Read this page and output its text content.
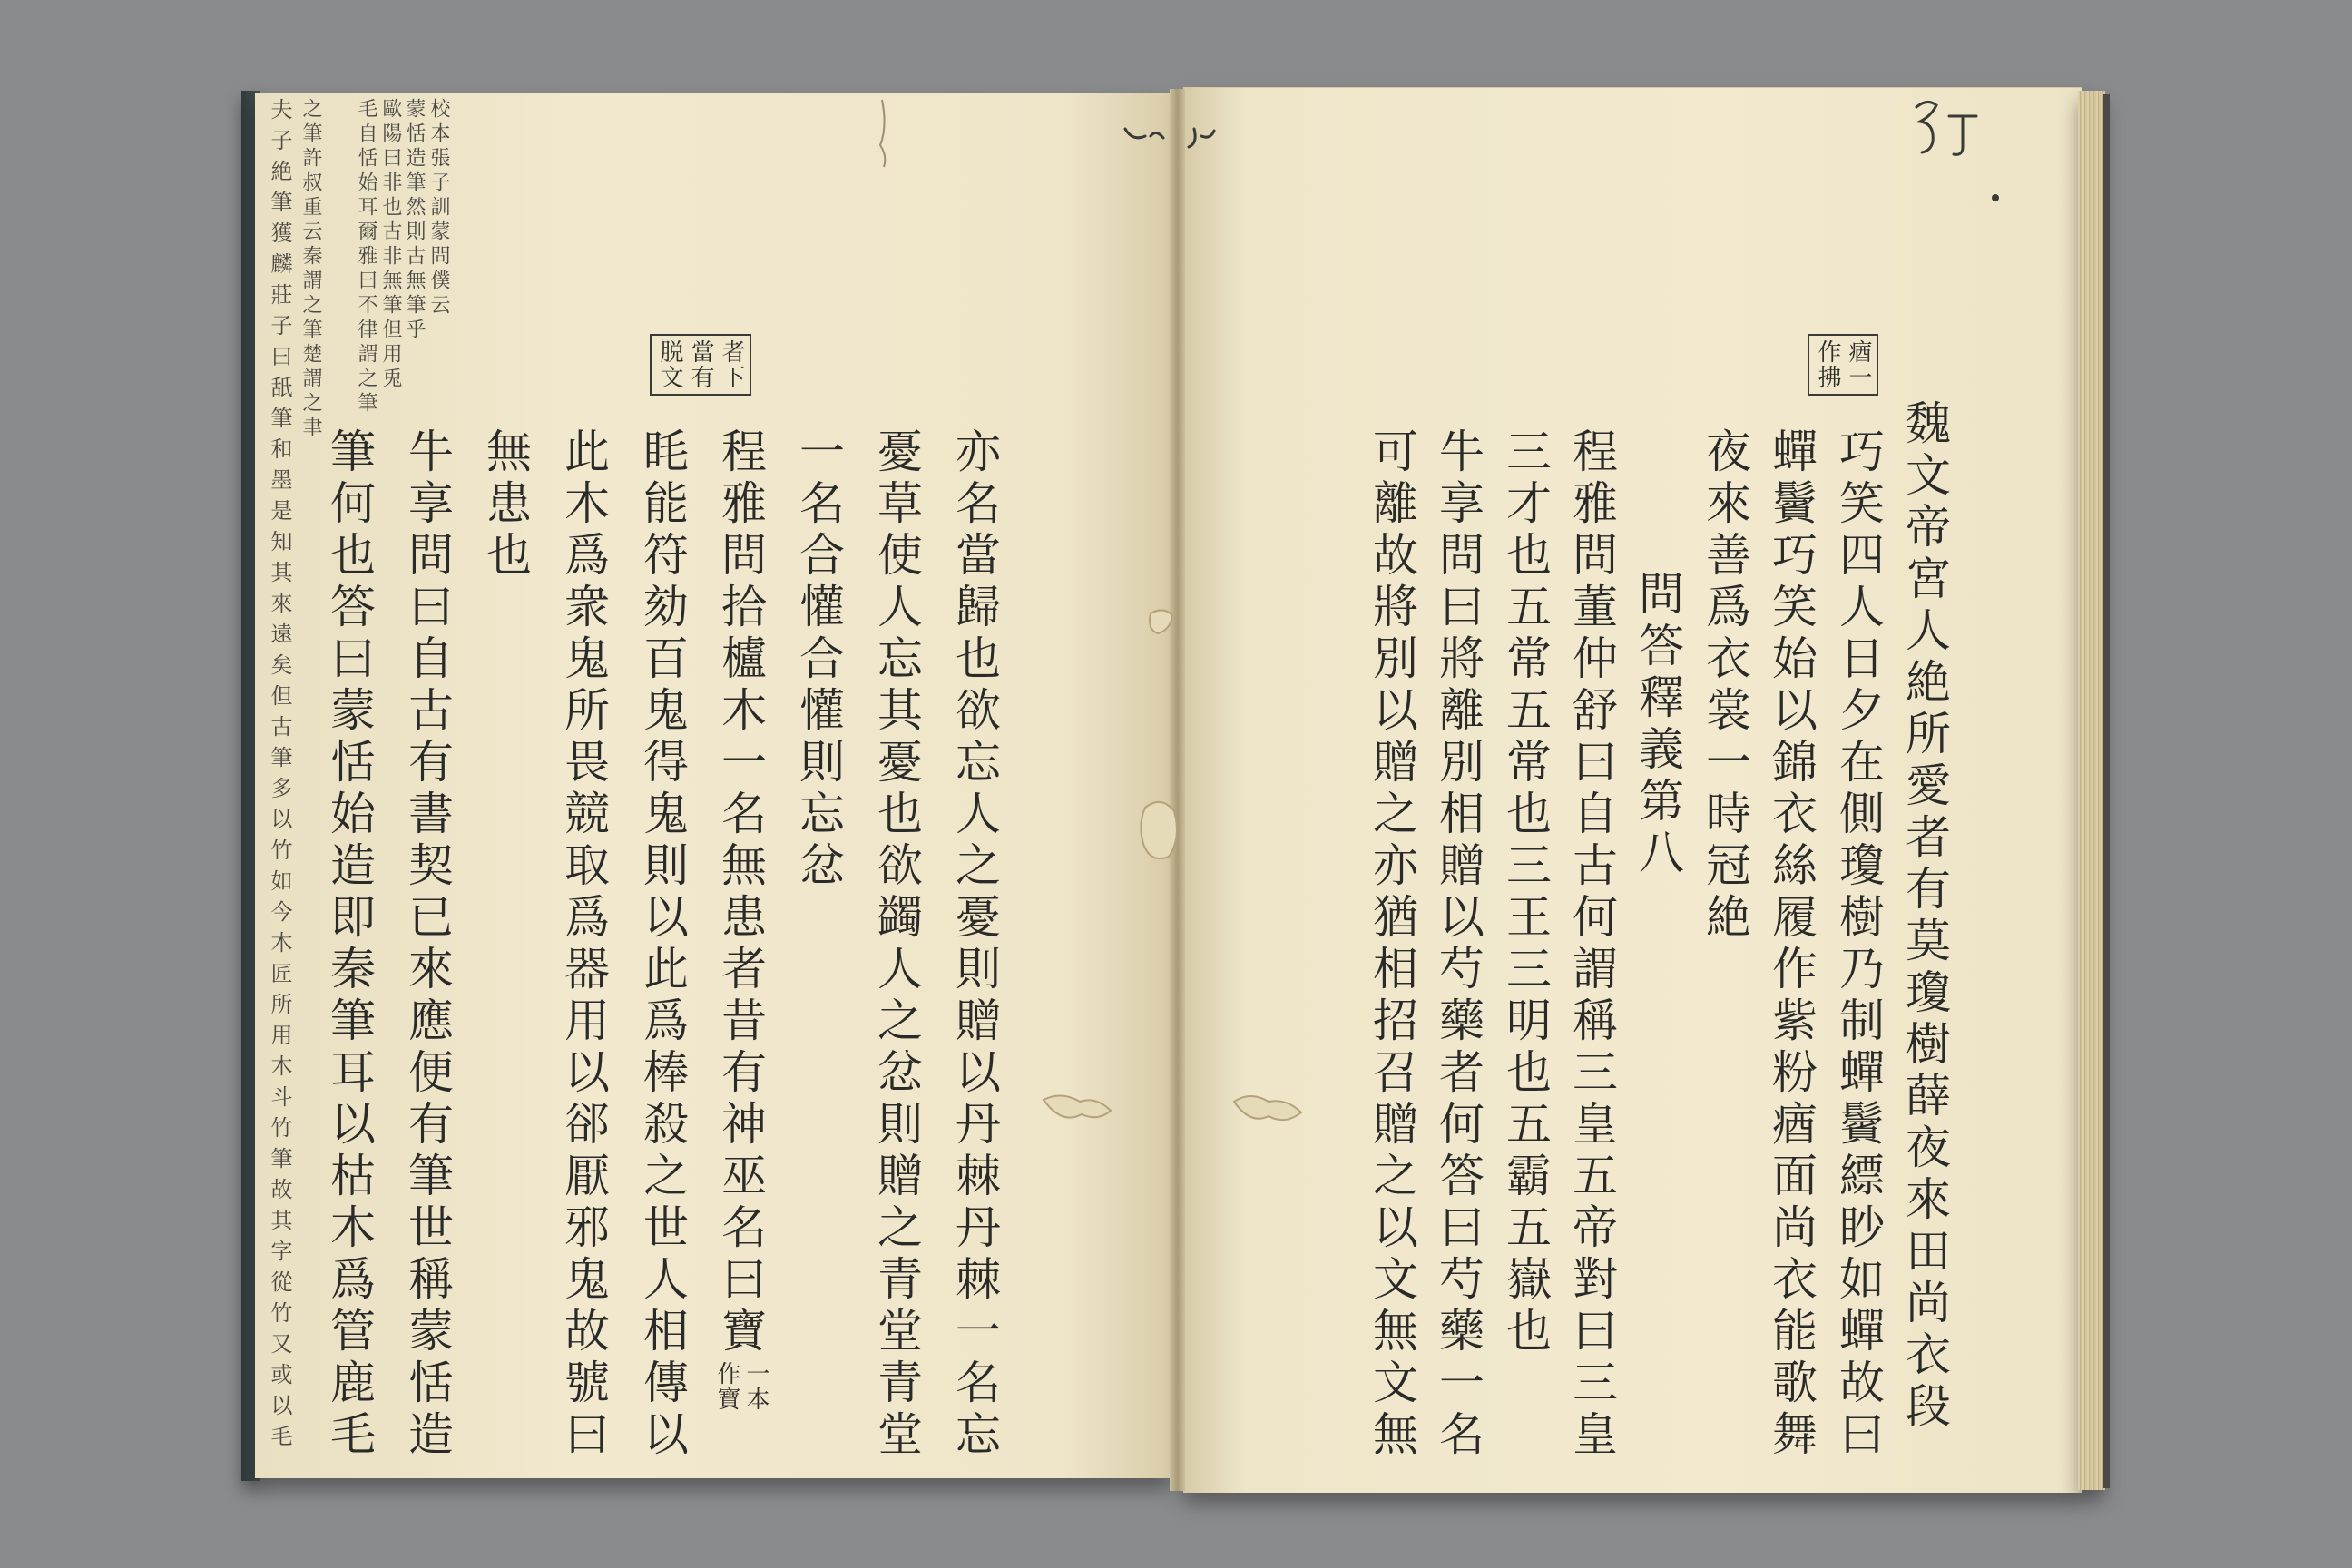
魏文帝宮人絶所愛者有莫瓊樹薛夜來田尚衣段
巧笑四人日夕在側瓊樹乃制蟬鬢縹眇如蟬故曰
蟬鬢巧笑始以錦衣絲履作紫粉㾞面尚衣能歌舞
夜來善爲衣裳一時冠絶
問答釋義第八
程雅問董仲舒曰自古何謂稱三皇五帝對曰三皇
三才也五常五常也三王三明也五霸五嶽也
牛享問曰將離別相贈以芍藥者何答曰芍藥一名
可離故將別以贈之亦猶相招召贈之以文無文無
㾞一
作拂
亦名當歸也欲忘人之憂則贈以丹棘丹棘一名忘
憂草使人忘其憂也欲蠲人之忿則贈之青堂青堂
一名合懽合懽則忘忿
程雅問拾櫨木一名無患者昔有神巫名曰寶
眊能符劾百鬼得鬼則以此爲棒殺之世人相傳以
此木爲衆鬼所畏競取爲器用以郤厭邪鬼故號曰
無患也
牛享問曰自古有書契已來應便有筆世稱蒙恬造
筆何也答曰蒙恬始造即秦筆耳以枯木爲管鹿毛
者下
當有
脱文
一本
作寶
校本張子訓蒙問僕云
蒙恬造筆然則古無筆乎
歐陽曰非也古非無筆但用兎
毛自恬始耳爾雅曰不律謂之筆
之筆許叔重云秦謂之筆楚謂之聿
夫子絶筆獲麟莊子曰舐筆和墨是知其來遠矣但古筆多以竹如今木匠所用木斗竹筆故其字從竹又或以毛
